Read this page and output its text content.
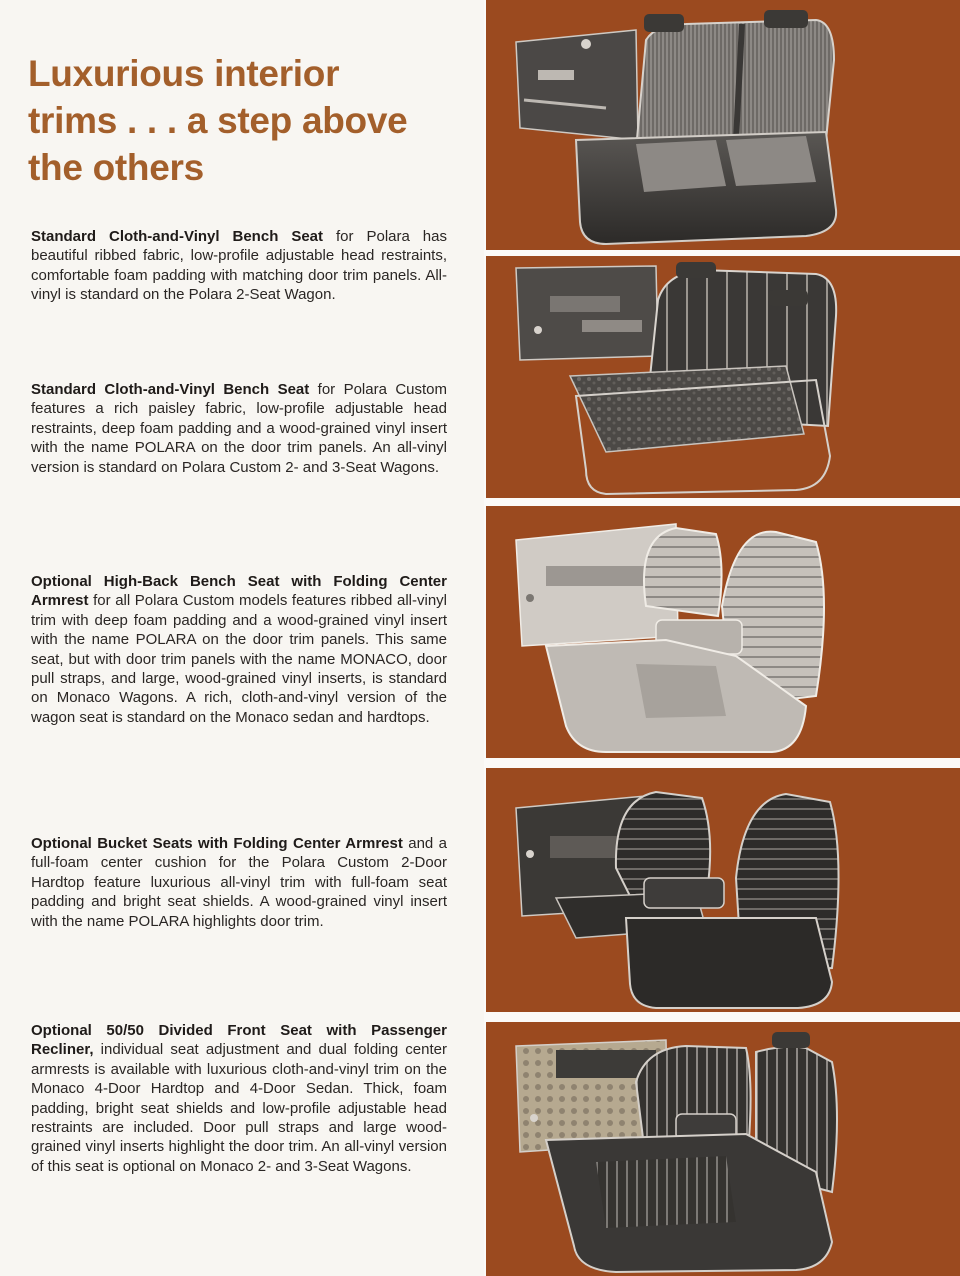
Luxurious interior
trims . . . a step above
the others

Standard Cloth-and-Vinyl Bench Seat for Polara has beautiful ribbed fabric, low-profile adjustable head restraints, comfortable foam padding with matching door trim panels. All-vinyl is standard on the Polara 2-Seat Wagon.

Standard Cloth-and-Vinyl Bench Seat for Polara Custom features a rich paisley fabric, low-profile adjustable head restraints, deep foam padding and a wood-grained vinyl insert with the name POLARA on the door trim panels. An all-vinyl version is standard on Polara Custom 2- and 3-Seat Wagons.

Optional High-Back Bench Seat with Folding Center Armrest for all Polara Custom models features ribbed all-vinyl trim with deep foam padding and a wood-grained vinyl insert with the name POLARA on the door trim panels. This same seat, but with door trim panels with the name MONACO, door pull straps, and large, wood-grained vinyl inserts, is standard on Monaco Wagons. A rich, cloth-and-vinyl version of the wagon seat is standard on the Monaco sedan and hardtops.

Optional Bucket Seats with Folding Center Armrest and a full-foam center cushion for the Polara Custom 2-Door Hardtop feature luxurious all-vinyl trim with full-foam seat padding and bright seat shields. A wood-grained vinyl insert with the name POLARA highlights door trim.

Optional 50/50 Divided Front Seat with Passenger Recliner, individual seat adjustment and dual folding center armrests is available with luxurious cloth-and-vinyl trim on the Monaco 4-Door Hardtop and 4-Door Sedan. Thick, foam padding, bright seat shields and low-profile adjustable head restraints are included. Door pull straps and large wood-grained vinyl inserts highlight the door trim. An all-vinyl version of this seat is optional on Monaco 2- and 3-Seat Wagons.
